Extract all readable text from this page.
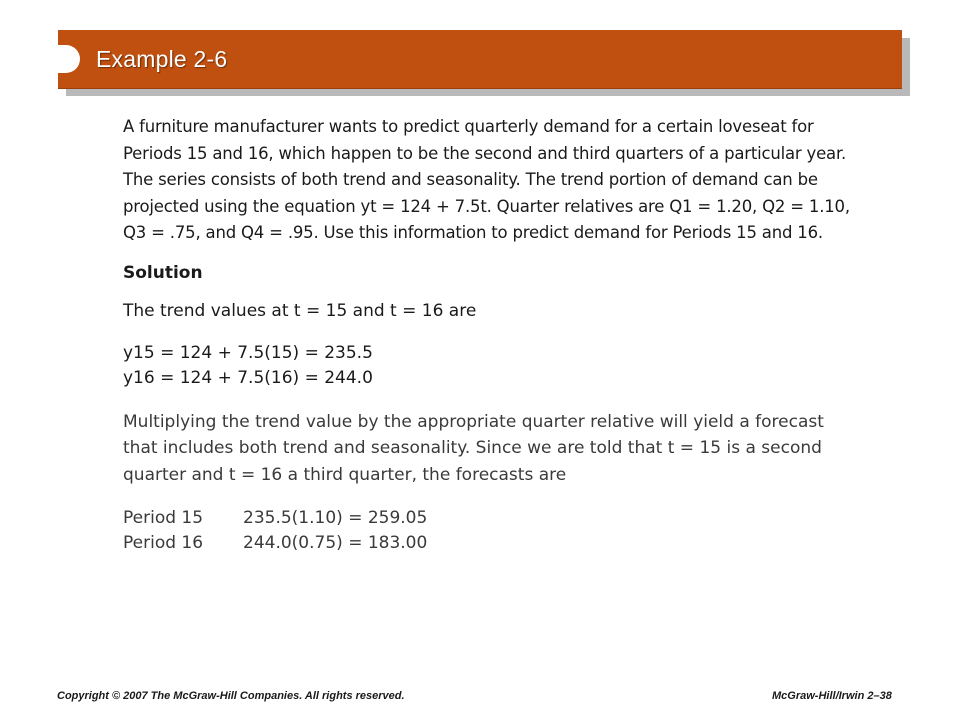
Example 2-6

A furniture manufacturer wants to predict quarterly demand for a certain loveseat for

Periods 15 and 16, which happen to be the second and third quarters of a particular year.

The series consists of both trend and seasonality. The trend portion of demand can be

projected using the equation yt = 124 + 7.5t. Quarter relatives are Q1 = 1.20, Q2 = 1.10,

Q3 = .75, and Q4 = .95. Use this information to predict demand for Periods 15 and 16.

Solution
The trend values at t = 15 and t = 16 are
y15 = 124 + 7.5(15) = 235.5
y16 = 124 + 7.5(16) = 244.0

Multiplying the trend value by the appropriate quarter relative will yield a forecast

that includes both trend and seasonality. Since we are told that t = 15 is a second

quarter and t = 16 a third quarter, the forecasts are

Period 15 235.5(1.10) = 259.05
Period 16 244.0(0.75) = 183.00
Copyright © 2007 The McGraw-Hill Companies. All rights reserved.	McGraw-Hill/Irwin 2–38
